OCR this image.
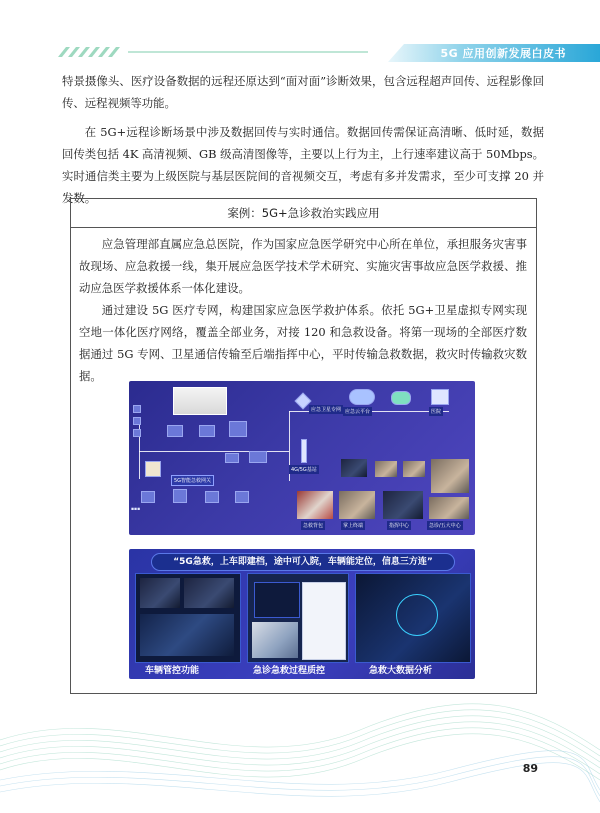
5G 应用创新发展白皮书

特景摄像头、医疗设备数据的远程还原达到“面对面”诊断效果，包含远程超声回传、远程影像回传、远程视频等功能。

在 5G+远程诊断场景中涉及数据回传与实时通信。数据回传需保证高清晰、低时延，数据回传类包括 4K 高清视频、GB 级高清图像等，主要以上行为主，上行速率建议高于 50Mbps。实时通信类主要为上级医院与基层医院间的音视频交互，考虑有多并发需求，至少可支撑 20 并发数。

案例：5G+急诊救治实践应用

应急管理部直属应急总医院，作为国家应急医学研究中心所在单位，承担服务灾害事故现场、应急救援一线，集开展应急医学技术学术研究、实施灾害事故应急医学救援、推动应急医学救援体系一体化建设。

通过建设 5G 医疗专网，构建国家应急医学救护体系。依托 5G+卫星虚拟专网实现空地一体化医疗网络，覆盖全部业务，对接 120 和急救设备。将第一现场的全部医疗数据通过 5G 专网、卫星通信传输至后端指挥中心，平时传输急救数据，救灾时传输救灾数据。

5G智能急救网关
▪▪▪
应急卫星专网 应急云平台	医院
4G/5G基站
急救背包	掌上终端	指挥中心	急诊/五大中心
“5G急救，上车即建档，途中可入院，车辆能定位，信息三方连”
车辆管控功能	急诊急救过程质控	急救大数据分析
89
